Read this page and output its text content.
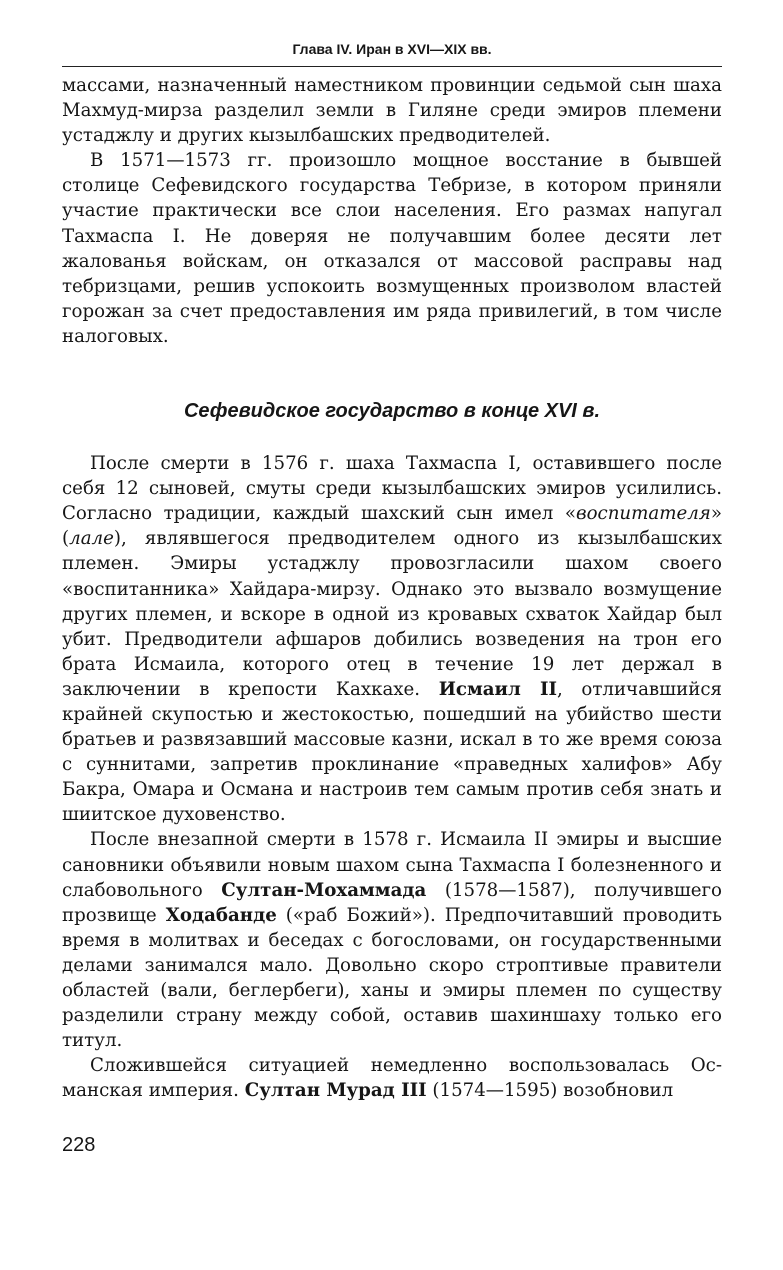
Глава IV. Иран в XVI—XIX вв.

массами, назначенный наместником провинции седьмой сын шаха Махмуд-мирза разделил земли в Гиляне среди эмиров племени устаджлу и других кызылбашских предводителей.

В 1571—1573 гг. произошло мощное восстание в бывшей столице Сефевидского государства Тебризе, в котором приняли участие практически все слои населения. Его размах напугал Тахмаспа I. Не доверяя не получавшим более десяти лет жалованья войскам, он отказался от массовой расправы над тебризцами, решив успокоить возмущенных произволом властей горожан за счет предоставления им ряда привилегий, в том числе налоговых.

Сефевидское государство в конце XVI в.

После смерти в 1576 г. шаха Тахмаспа I, оставившего после себя 12 сыновей, смуты среди кызылбашских эмиров усилились. Согласно традиции, каждый шахский сын имел «воспитателя» (лале), являвшегося предводителем одного из кызылбашских племен. Эмиры устаджлу провозгласили шахом своего «воспитанника» Хайдара-мирзу. Однако это вызвало возмущение других племен, и вскоре в одной из кровавых схваток Хайдар был убит. Предводители афшаров добились возведения на трон его брата Исмаила, которого отец в течение 19 лет держал в заключении в крепости Кахкахе. Исмаил II, отличавшийся крайней скупостью и жестокостью, пошедший на убийство шести братьев и развязавший массовые казни, искал в то же время союза с суннитами, запретив проклинание «праведных халифов» Абу Бакра, Омара и Османа и настроив тем самым против себя знать и шиитское духовенство.

После внезапной смерти в 1578 г. Исмаила II эмиры и высшие сановники объявили новым шахом сына Тахмаспа I болезненного и слабовольного Султан-Мохаммада (1578—1587), получившего прозвище Ходабанде («раб Божий»). Предпочитавший проводить время в молитвах и беседах с богословами, он государственными делами занимался мало. Довольно скоро строптивые правители областей (вали, беглербеги), ханы и эмиры племен по существу разделили страну между собой, оставив шахиншаху только его титул.

Сложившейся ситуацией немедленно воспользовалась Османская империя. Султан Мурад III (1574—1595) возобновил

228
